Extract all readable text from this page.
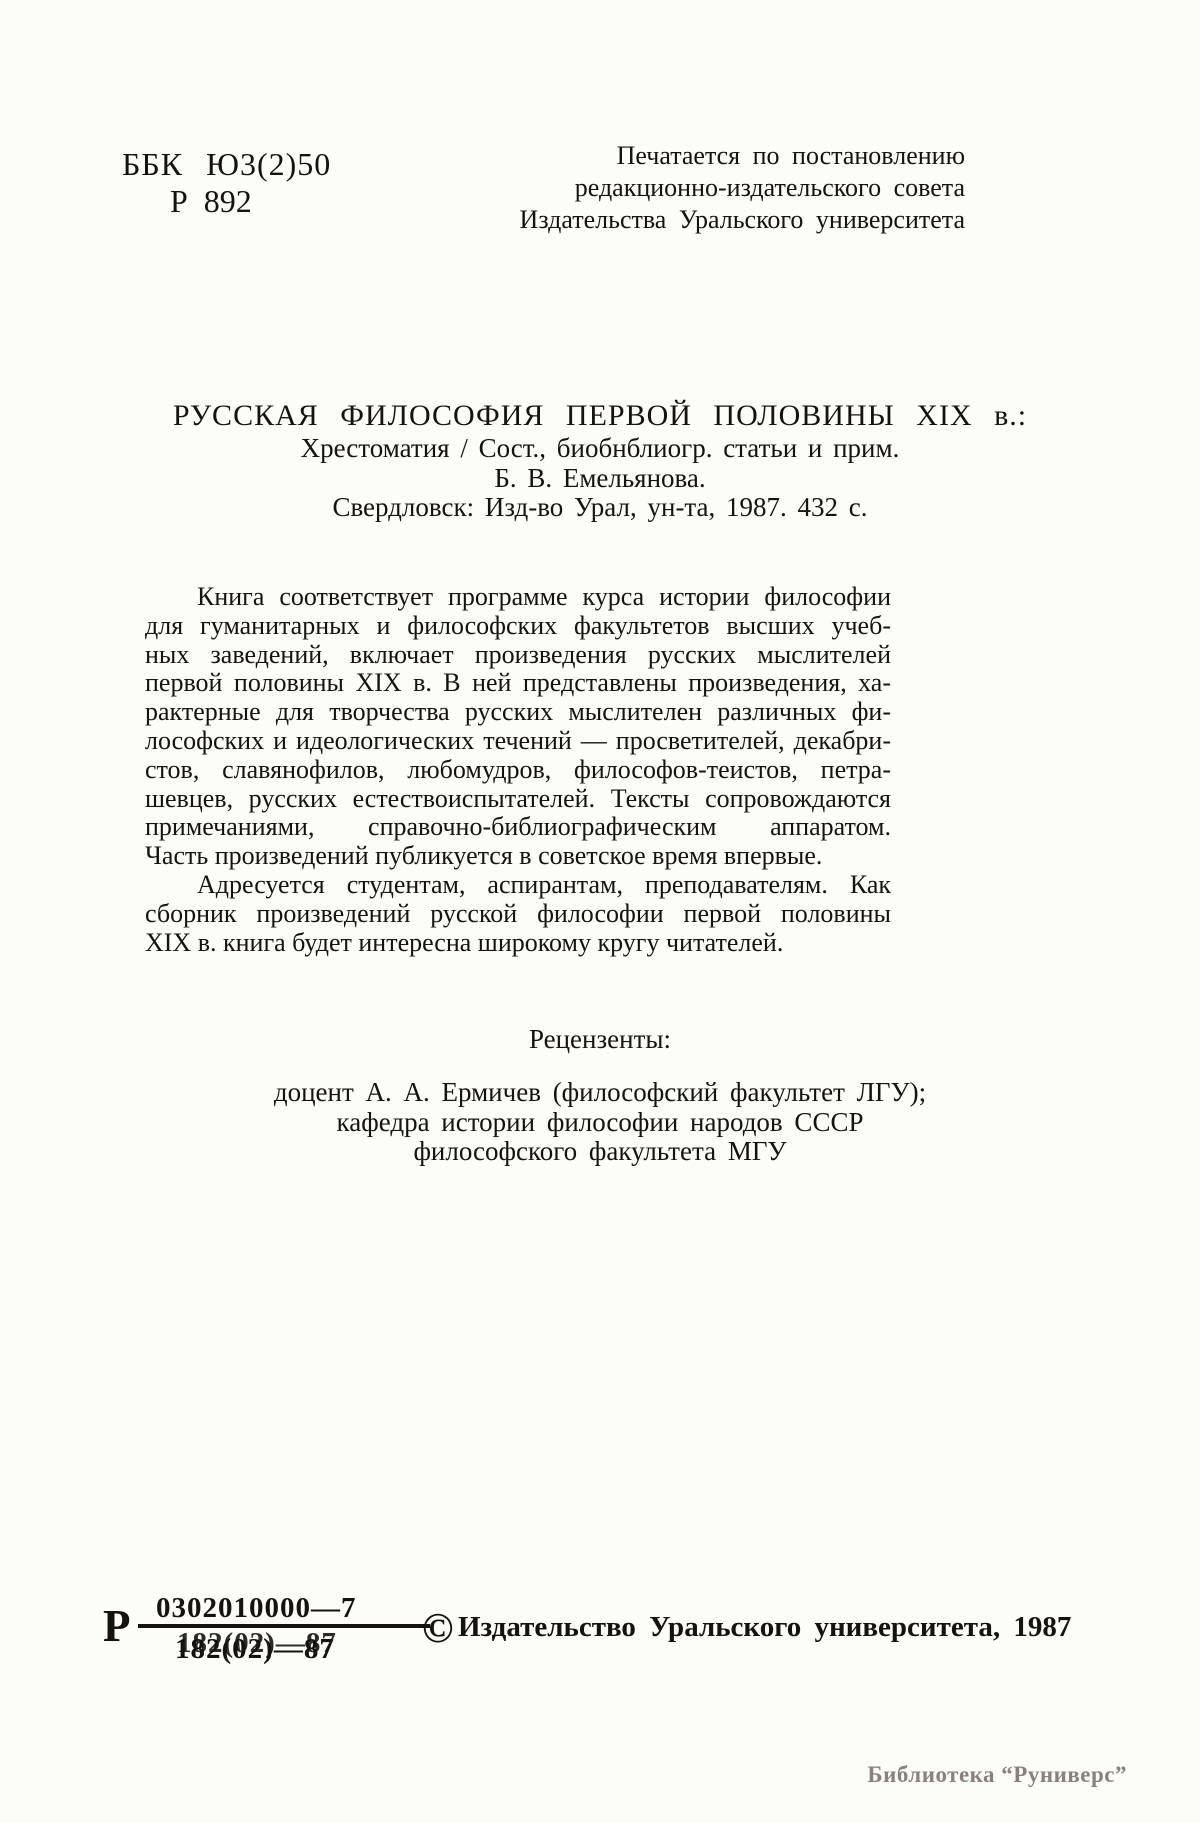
ББК Ю3(2)50
Р 892
Печатается по постановлению
редакционно-издательского совета
Издательства Уральского университета
РУССКАЯ ФИЛОСОФИЯ ПЕРВОЙ ПОЛОВИНЫ XIX в.:
Хрестоматия / Сост., биобнблиогр. статьи и прим.
Б. В. Емельянова.
Свердловск: Изд-во Урал, ун-та, 1987. 432 с.
Книга соответствует программе курса истории философии
для гуманитарных и философских факультетов высших учеб-
ных заведений, включает произведения русских мыслителей
первой половины XIX в. В ней представлены произведения, ха-
рактерные для творчества русских мыслителен различных фи-
лософских и идеологических течений — просветителей, декабри-
стов, славянофилов, любомудров, философов-теистов, петра-
шевцев, русских естествоиспытателей. Тексты сопровождаются
примечаниями, справочно-библиографическим аппаратом.
Часть произведений публикуется в советское время впервые.
Адресуется студентам, аспирантам, преподавателям. Как
сборник произведений русской философии первой половины
XIX в. книга будет интересна широкому кругу читателей.
Рецензенты:
доцент А. А. Ермичев (философский факультет ЛГУ);
кафедра истории философии народов СССР
философского факультета МГУ
Р 0302010000—7
182(02)—87 © Издательство Уральского университета, 1987
Библиотека “Руниверс”
